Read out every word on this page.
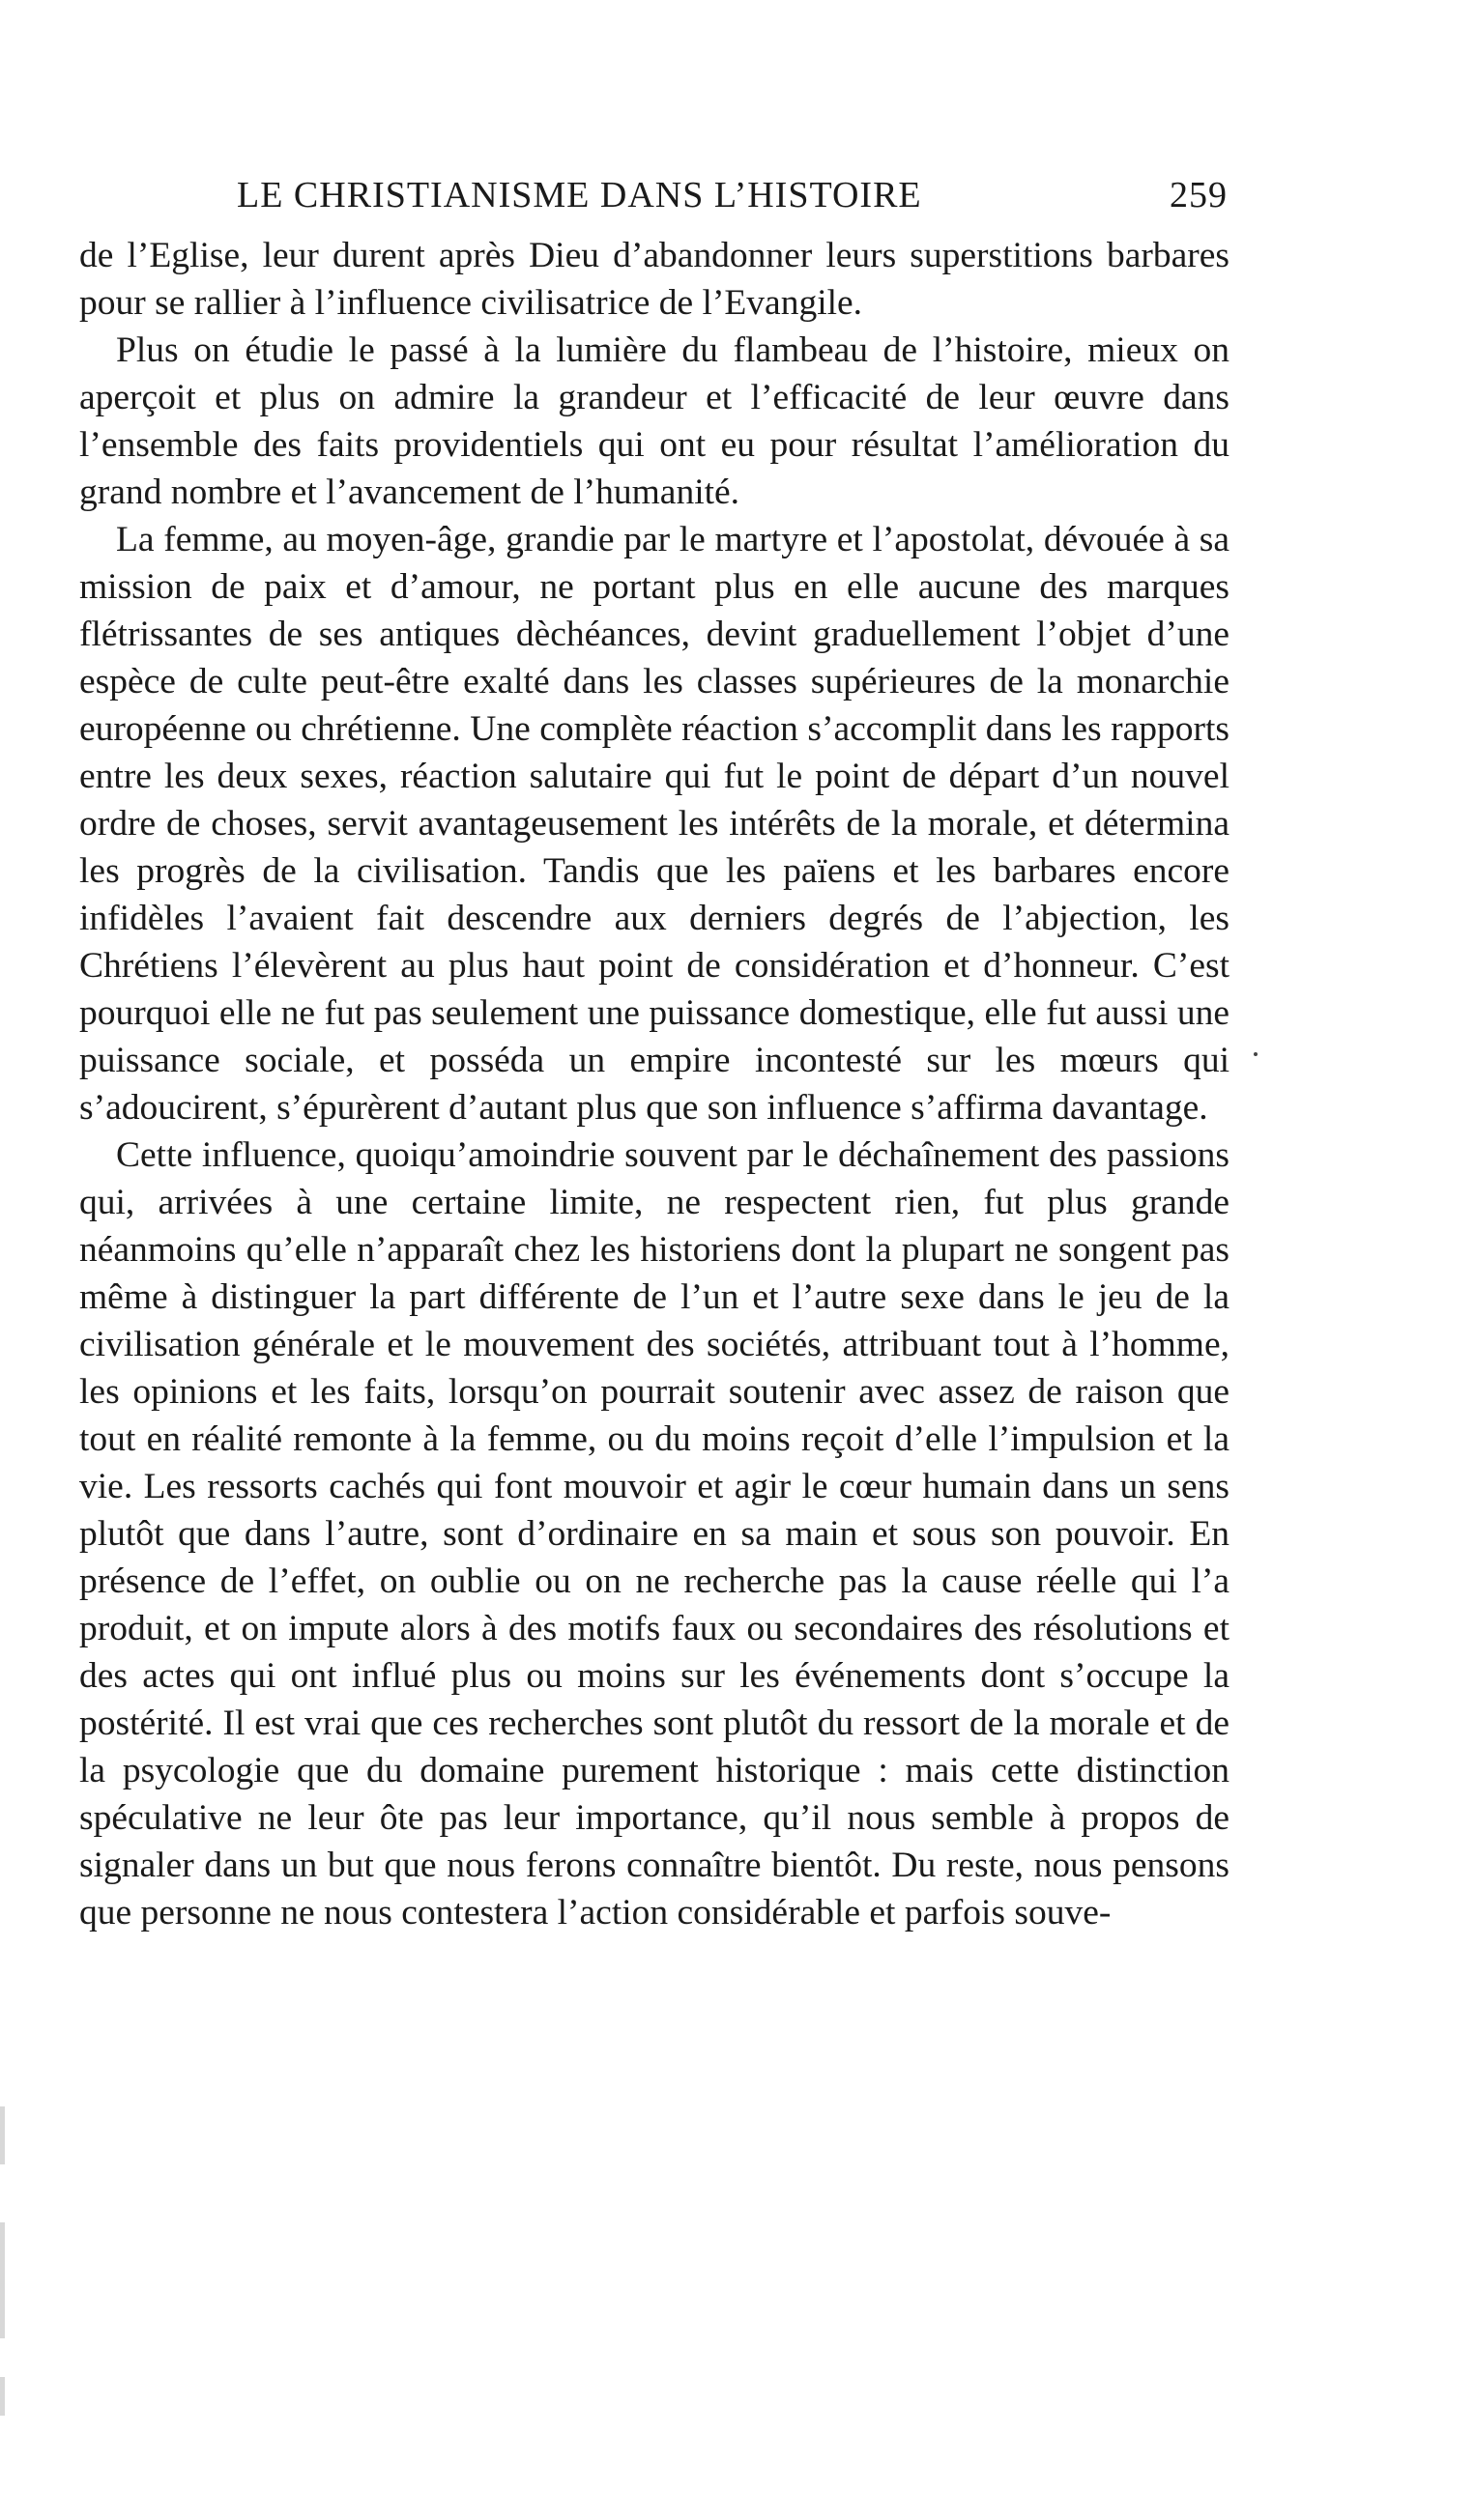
LE CHRISTIANISME DANS L’HISTOIRE	259

de l’Eglise, leur durent après Dieu d’abandonner leurs superstitions barbares pour se rallier à l’influence civilisatrice de l’Evangile.

Plus on étudie le passé à la lumière du flambeau de l’histoire, mieux on aperçoit et plus on admire la grandeur et l’efficacité de leur œuvre dans l’ensemble des faits providentiels qui ont eu pour résultat l’amélioration du grand nombre et l’avancement de l’humanité.

La femme, au moyen-âge, grandie par le martyre et l’apostolat, dévouée à sa mission de paix et d’amour, ne portant plus en elle aucune des marques flétrissantes de ses antiques dèchéances, devint graduellement l’objet d’une espèce de culte peut-être exalté dans les classes supérieures de la monarchie européenne ou chrétienne. Une complète réaction s’accomplit dans les rapports entre les deux sexes, réaction salutaire qui fut le point de départ d’un nouvel ordre de choses, servit avantageusement les intérêts de la morale, et détermina les progrès de la civilisation. Tandis que les païens et les barbares encore infidèles l’avaient fait descendre aux derniers degrés de l’abjection, les Chrétiens l’élevèrent au plus haut point de considération et d’honneur. C’est pourquoi elle ne fut pas seulement une puissance domestique, elle fut aussi une puissance sociale, et posséda un empire incontesté sur les mœurs qui s’adoucirent, s’épurèrent d’autant plus que son influence s’affirma davantage.

Cette influence, quoiqu’amoindrie souvent par le déchaînement des passions qui, arrivées à une certaine limite, ne respectent rien, fut plus grande néanmoins qu’elle n’apparaît chez les historiens dont la plupart ne songent pas même à distinguer la part différente de l’un et l’autre sexe dans le jeu de la civilisation générale et le mouvement des sociétés, attribuant tout à l’homme, les opinions et les faits, lorsqu’on pourrait soutenir avec assez de raison que tout en réalité remonte à la femme, ou du moins reçoit d’elle l’impulsion et la vie. Les ressorts cachés qui font mouvoir et agir le cœur humain dans un sens plutôt que dans l’autre, sont d’ordinaire en sa main et sous son pouvoir. En présence de l’effet, on oublie ou on ne recherche pas la cause réelle qui l’a produit, et on impute alors à des motifs faux ou secondaires des résolutions et des actes qui ont influé plus ou moins sur les événements dont s’occupe la postérité. Il est vrai que ces recherches sont plutôt du ressort de la morale et de la psycologie que du domaine purement historique : mais cette distinction spéculative ne leur ôte pas leur importance, qu’il nous semble à propos de signaler dans un but que nous ferons connaître bientôt. Du reste, nous pensons que personne ne nous contestera l’action considérable et parfois souve-
